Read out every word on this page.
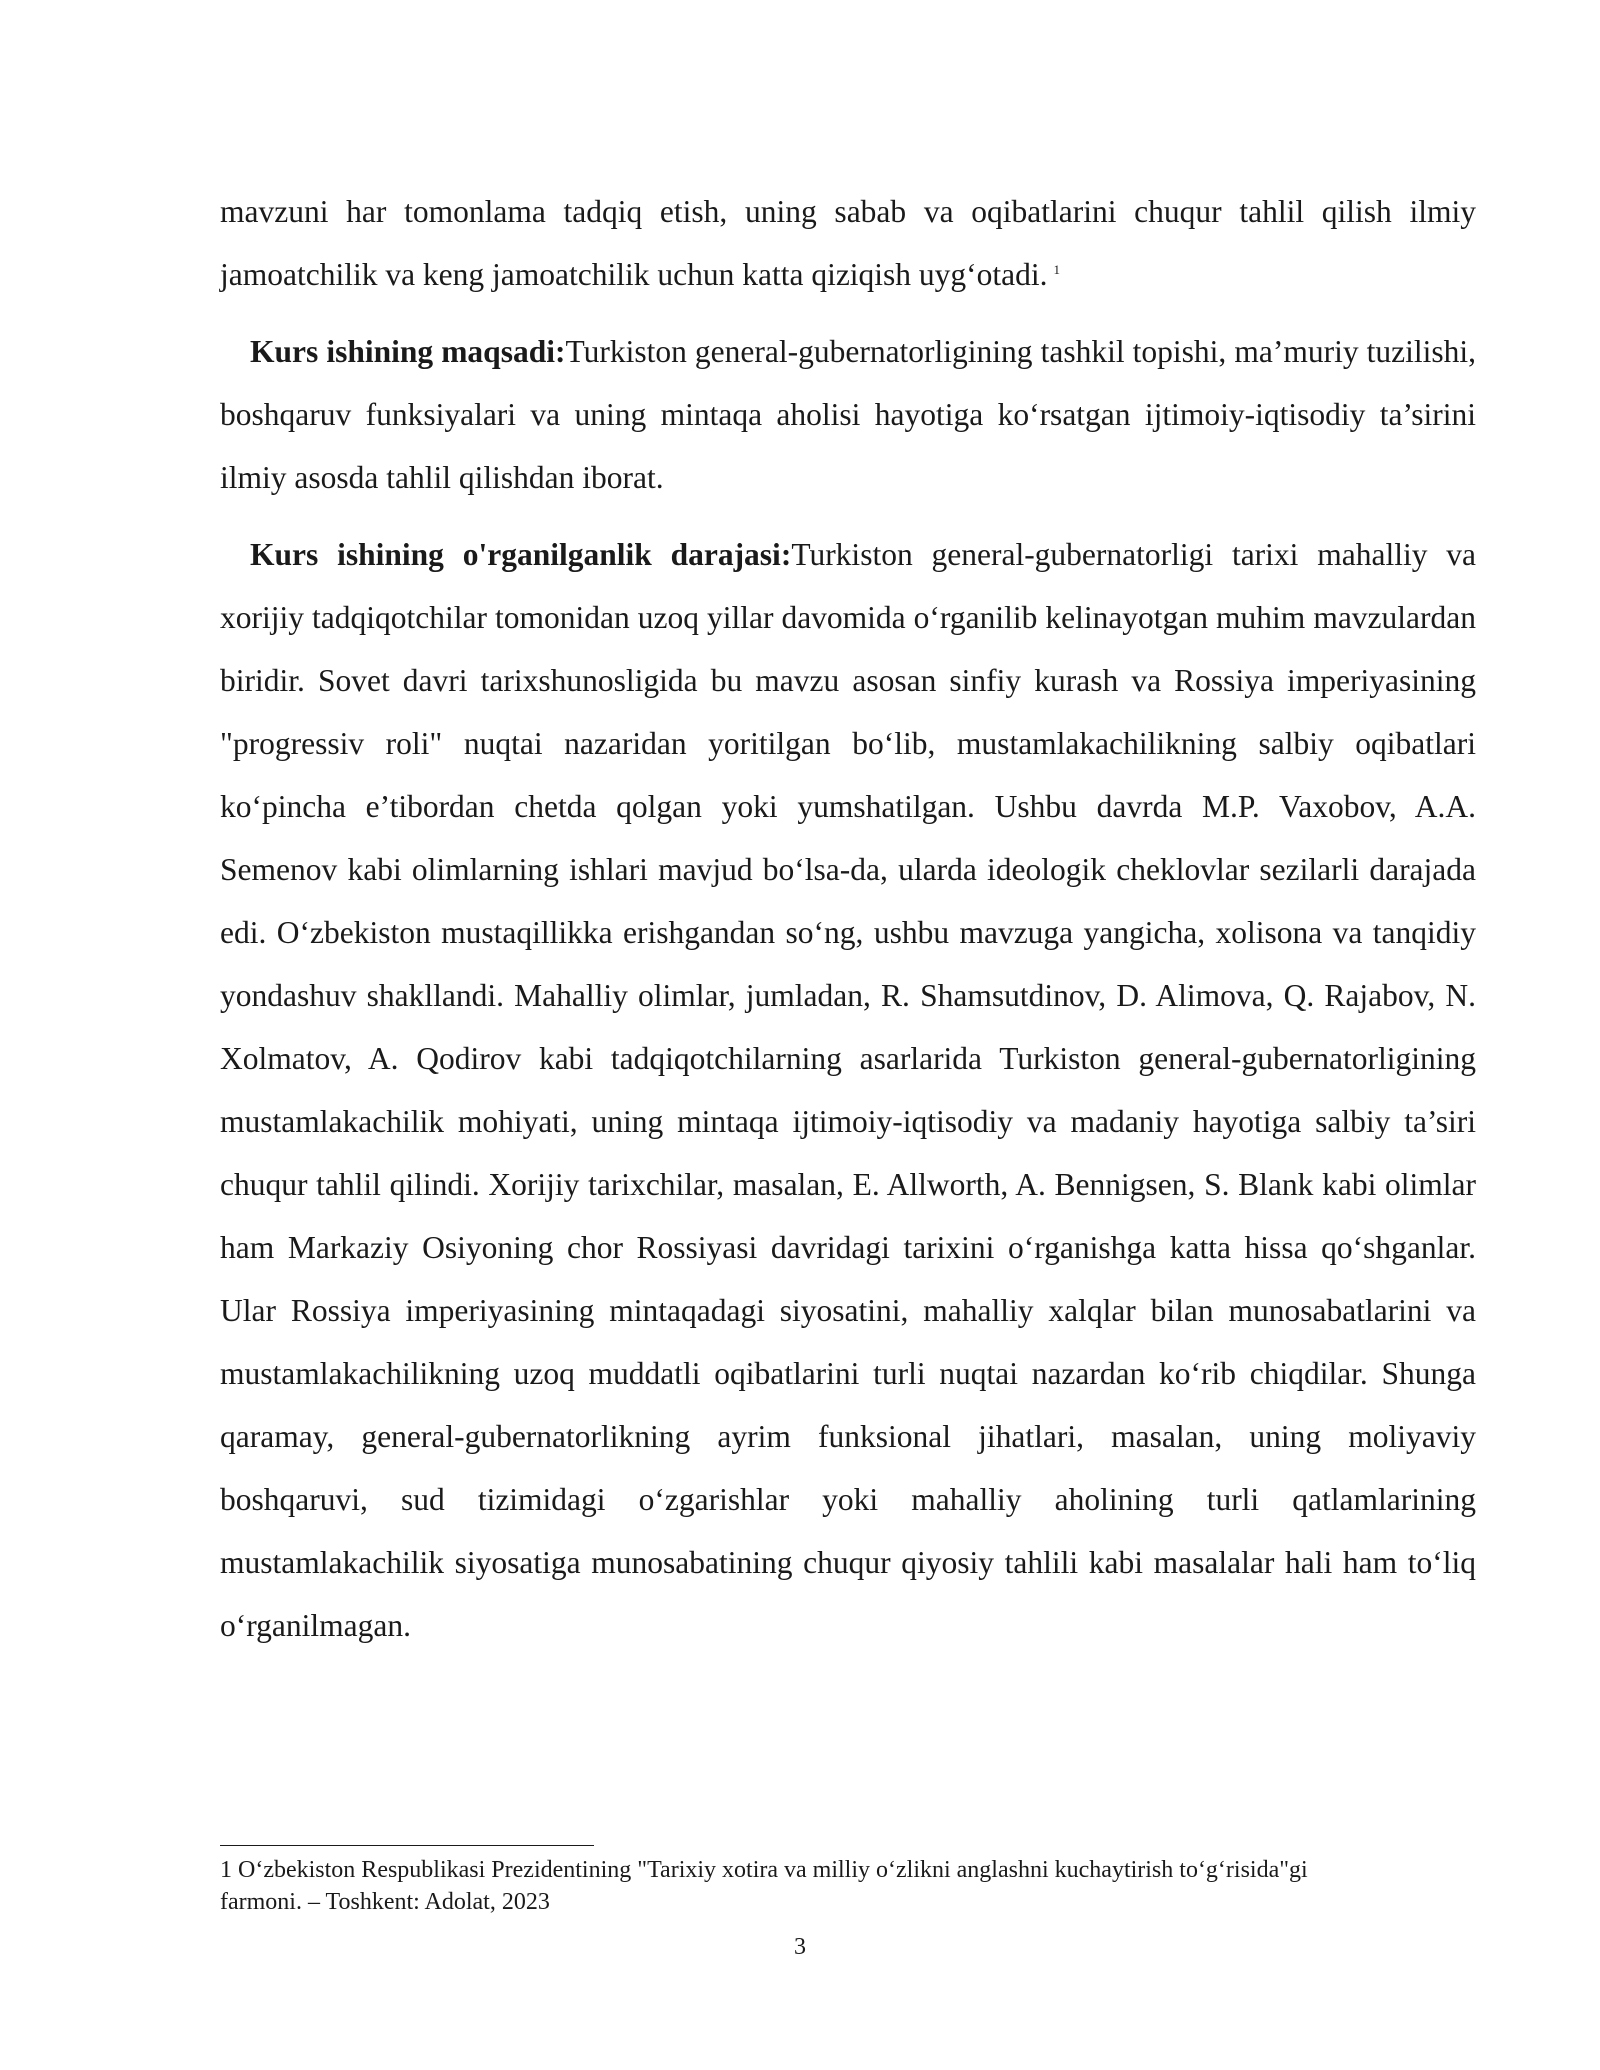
mavzuni har tomonlama tadqiq etish, uning sabab va oqibatlarini chuqur tahlil qilish ilmiy jamoatchilik va keng jamoatchilik uchun katta qiziqish uyg‘otadi. $^1$

Kurs ishining maqsadi:Turkiston general-gubernatorligining tashkil topishi, ma’muriy tuzilishi, boshqaruv funksiyalari va uning mintaqa aholisi hayotiga ko‘rsatgan ijtimoiy-iqtisodiy ta’sirini ilmiy asosda tahlil qilishdan iborat.

Kurs ishining o'rganilganlik darajasi:Turkiston general-gubernatorligi tarixi mahalliy va xorijiy tadqiqotchilar tomonidan uzoq yillar davomida o‘rganilib kelinayotgan muhim mavzulardan biridir. Sovet davri tarixshunosligida bu mavzu asosan sinfiy kurash va Rossiya imperiyasining "progressiv roli" nuqtai nazaridan yoritilgan bo‘lib, mustamlakachilikning salbiy oqibatlari ko‘pincha e’tibordan chetda qolgan yoki yumshatilgan. Ushbu davrda M.P. Vaxobov, A.A. Semenov kabi olimlarning ishlari mavjud bo‘lsa-da, ularda ideologik cheklovlar sezilarli darajada edi. O‘zbekiston mustaqillikka erishgandan so‘ng, ushbu mavzuga yangicha, xolisona va tanqidiy yondashuv shakllandi. Mahalliy olimlar, jumladan, R. Shamsutdinov, D. Alimova, Q. Rajabov, N. Xolmatov, A. Qodirov kabi tadqiqotchilarning asarlarida Turkiston general-gubernatorligining mustamlakachilik mohiyati, uning mintaqa ijtimoiy-iqtisodiy va madaniy hayotiga salbiy ta’siri chuqur tahlil qilindi. Xorijiy tarixchilar, masalan, E. Allworth, A. Bennigsen, S. Blank kabi olimlar ham Markaziy Osiyoning chor Rossiyasi davridagi tarixini o‘rganishga katta hissa qo‘shganlar. Ular Rossiya imperiyasining mintaqadagi siyosatini, mahalliy xalqlar bilan munosabatlarini va mustamlakachilikning uzoq muddatli oqibatlarini turli nuqtai nazardan ko‘rib chiqdilar. Shunga qaramay, general-gubernatorlikning ayrim funksional jihatlari, masalan, uning moliyaviy boshqaruvi, sud tizimidagi o‘zgarishlar yoki mahalliy aholining turli qatlamlarining mustamlakachilik siyosatiga munosabatining chuqur qiyosiy tahlili kabi masalalar hali ham to‘liq o‘rganilmagan.

1 O‘zbekiston Respublikasi Prezidentining "Tarixiy xotira va milliy o‘zlikni anglashni kuchaytirish to‘g‘risida"gi farmoni. – Toshkent: Adolat, 2023

3
